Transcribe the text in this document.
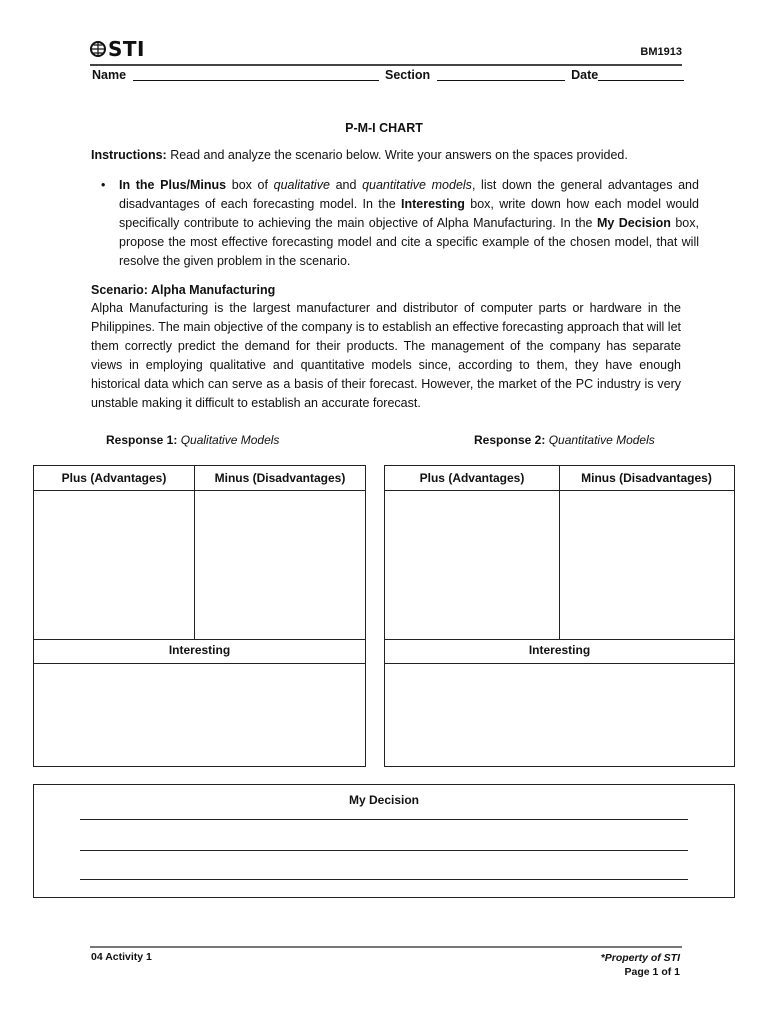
STI	BM1913
Name	Section	Date
P-M-I CHART
Instructions: Read and analyze the scenario below. Write your answers on the spaces provided.
• In the Plus/Minus box of qualitative and quantitative models, list down the general advantages and disadvantages of each forecasting model. In the Interesting box, write down how each model would specifically contribute to achieving the main objective of Alpha Manufacturing. In the My Decision box, propose the most effective forecasting model and cite a specific example of the chosen model, that will resolve the given problem in the scenario.
Scenario: Alpha Manufacturing
Alpha Manufacturing is the largest manufacturer and distributor of computer parts or hardware in the Philippines. The main objective of the company is to establish an effective forecasting approach that will let them correctly predict the demand for their products. The management of the company has separate views in employing qualitative and quantitative models since, according to them, they have enough historical data which can serve as a basis of their forecast. However, the market of the PC industry is very unstable making it difficult to establish an accurate forecast.
Response 1: Qualitative Models	Response 2: Quantitative Models
Plus (Advantages)	Minus (Disadvantages)
Interesting
Plus (Advantages)	Minus (Disadvantages)
Interesting
My Decision
04 Activity 1	*Property of STI
Page 1 of 1
